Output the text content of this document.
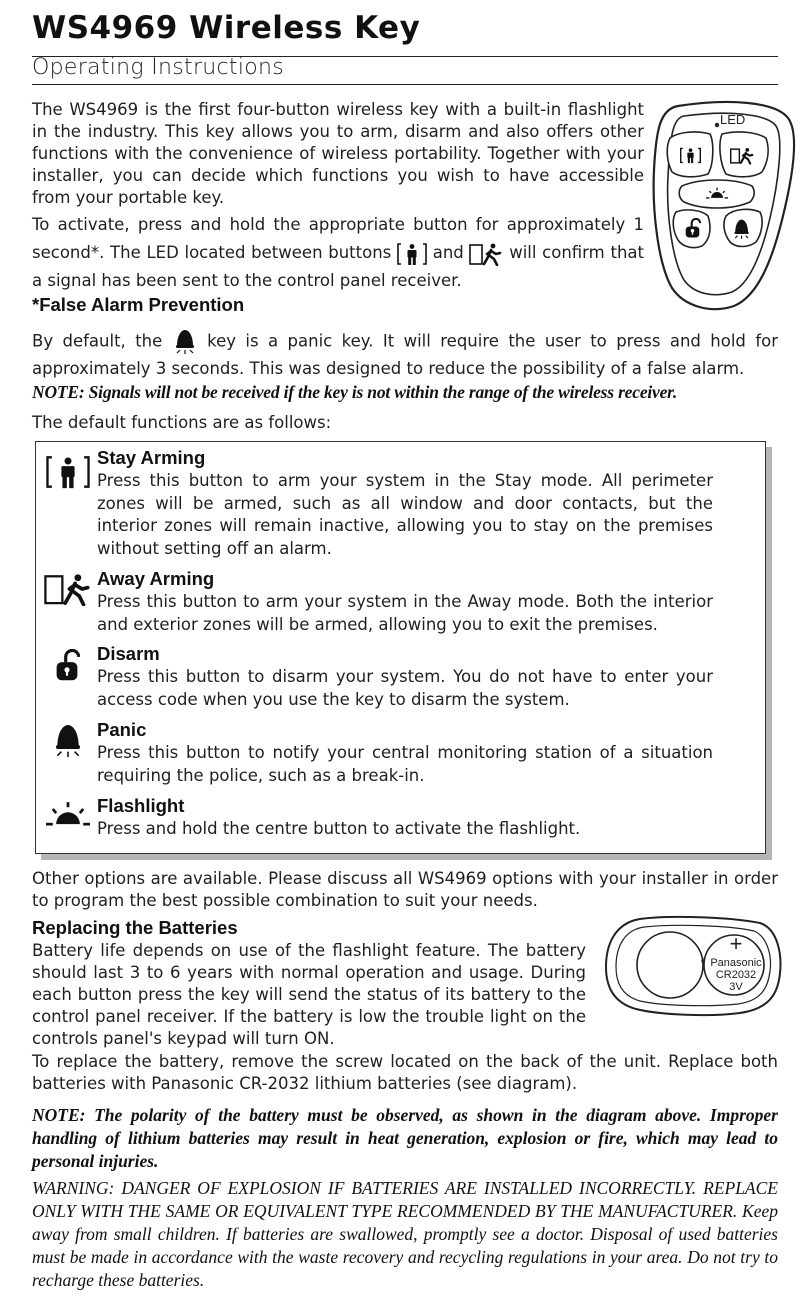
WS4969 Wireless Key
Operating Instructions
The WS4969 is the first four-button wireless key with a built-in flashlight in the industry. This key allows you to arm, disarm and also offers other functions with the convenience of wireless portability. Together with your installer, you can decide which functions you wish to have accessible from your portable key.
To activate, press and hold the appropriate button for approximately 1 second*. The LED located between buttons	and	will confirm that a signal has been sent to the control panel receiver.
LED
*False Alarm Prevention
By default, the	key is a panic key. It will require the user to press and hold for approximately 3 seconds. This was designed to reduce the possibility of a false alarm.
NOTE: Signals will not be received if the key is not within the range of the wireless receiver.
The default functions are as follows:
Stay Arming
Press this button to arm your system in the Stay mode. All perimeter zones will be armed, such as all window and door contacts, but the interior zones will remain inactive, allowing you to stay on the premises without setting off an alarm.
Away Arming
Press this button to arm your system in the Away mode. Both the interior and exterior zones will be armed, allowing you to exit the premises.
Disarm
Press this button to disarm your system. You do not have to enter your access code when you use the key to disarm the system.
Panic
Press this button to notify your central monitoring station of a situation requiring the police, such as a break-in.
Flashlight
Press and hold the centre button to activate the flashlight.
Other options are available. Please discuss all WS4969 options with your installer in order to program the best possible combination to suit your needs.
Replacing the Batteries
Battery life depends on use of the flashlight feature. The battery should last 3 to 6 years with normal operation and usage. During each button press the key will send the status of its battery to the control panel receiver. If the battery is low the trouble light on the controls panel's keypad will turn ON.
+
Panasonic
CR2032
3V
To replace the battery, remove the screw located on the back of the unit. Replace both batteries with Panasonic CR-2032 lithium batteries (see diagram).
NOTE: The polarity of the battery must be observed, as shown in the diagram above. Improper handling of lithium batteries may result in heat generation, explosion or fire, which may lead to personal injuries.
WARNING: DANGER OF EXPLOSION IF BATTERIES ARE INSTALLED INCORRECTLY. REPLACE ONLY WITH THE SAME OR EQUIVALENT TYPE RECOMMENDED BY THE MANUFACTURER. Keep away from small children. If batteries are swallowed, promptly see a doctor. Disposal of used batteries must be made in accordance with the waste recovery and recycling regulations in your area. Do not try to recharge these batteries.
